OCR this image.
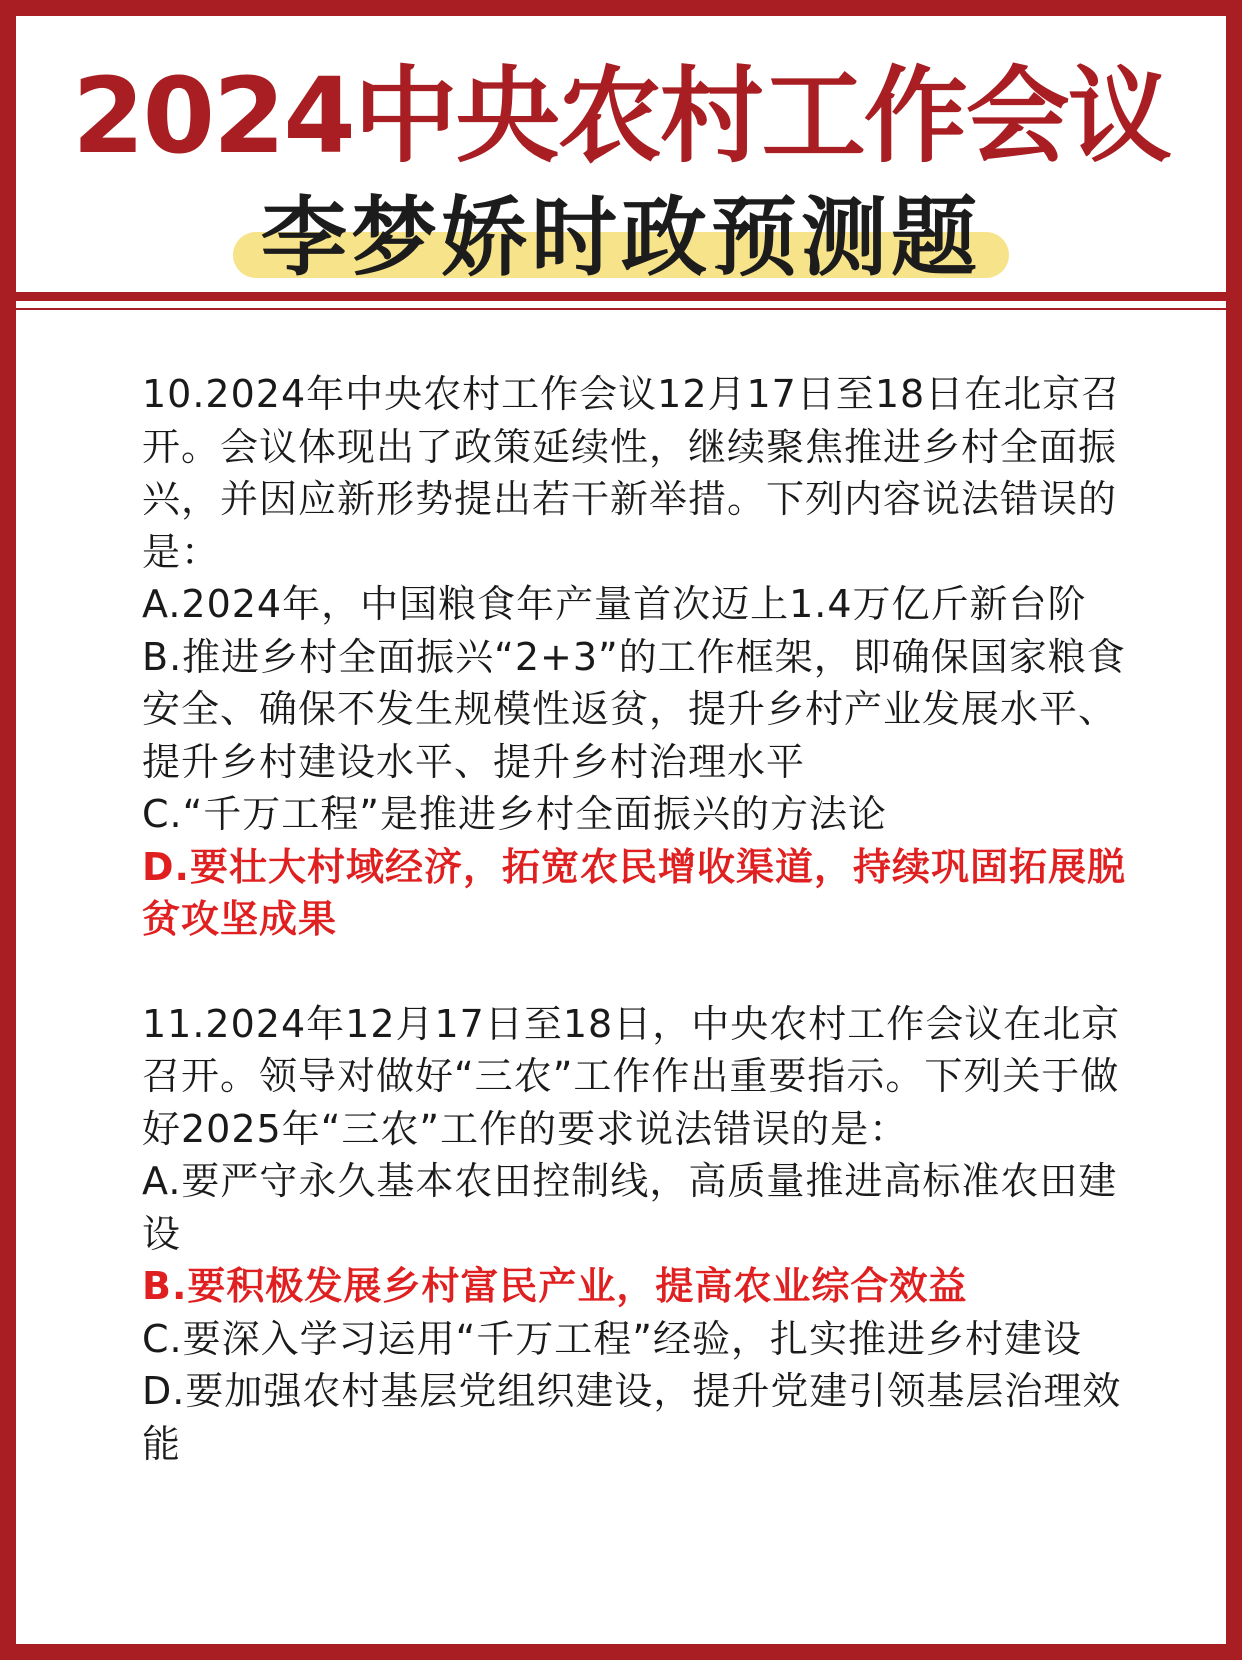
2024中央农村工作会议
李梦娇时政预测题

10.2024年中央农村工作会议12月17日至18日在北京召开。会议体现出了政策延续性，继续聚焦推进乡村全面振兴，并因应新形势提出若干新举措。下列内容说法错误的是：

A.2024年，中国粮食年产量首次迈上1.4万亿斤新台阶

B.推进乡村全面振兴“2+3”的工作框架，即确保国家粮食安全、确保不发生规模性返贫，提升乡村产业发展水平、提升乡村建设水平、提升乡村治理水平

C.“千万工程”是推进乡村全面振兴的方法论

D.要壮大村域经济，拓宽农民增收渠道，持续巩固拓展脱贫攻坚成果

11.2024年12月17日至18日，中央农村工作会议在北京召开。领导对做好“三农”工作作出重要指示。下列关于做好2025年“三农”工作的要求说法错误的是：

A.要严守永久基本农田控制线，高质量推进高标准农田建设

B.要积极发展乡村富民产业，提高农业综合效益

C.要深入学习运用“千万工程”经验，扎实推进乡村建设

D.要加强农村基层党组织建设，提升党建引领基层治理效能
